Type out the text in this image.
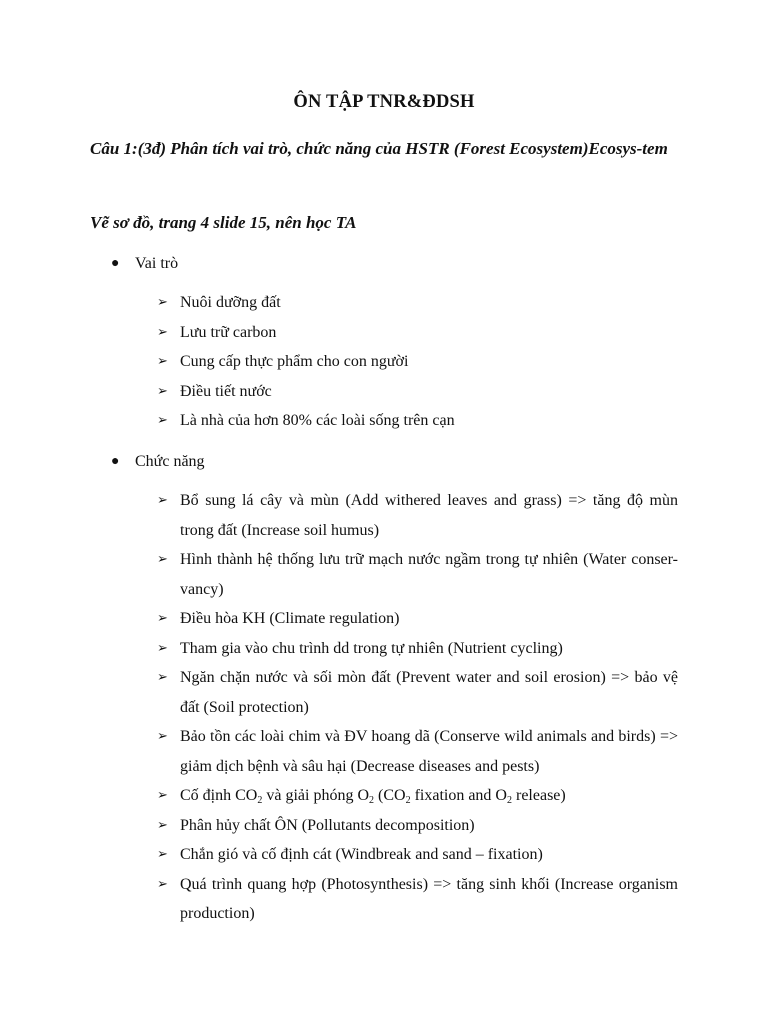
ÔN TẬP TNR&ĐDSH
Câu 1:(3đ) Phân tích vai trò, chức năng của HSTR (Forest Ecosystem)Ecosys-tem
Vẽ sơ đồ, trang 4 slide 15, nên học TA
● Vai trò
➢ Nuôi dưỡng đất
➢ Lưu trữ carbon
➢ Cung cấp thực phẩm cho con người
➢ Điều tiết nước
➢ Là nhà của hơn 80% các loài sống trên cạn
● Chức năng
➢ Bổ sung lá cây và mùn (Add withered leaves and grass) => tăng độ mùn trong đất (Increase soil humus)
➢ Hình thành hệ thống lưu trữ mạch nước ngầm trong tự nhiên (Water conser-vancy)
➢ Điều hòa KH (Climate regulation)
➢ Tham gia vào chu trình dd trong tự nhiên (Nutrient cycling)
➢ Ngăn chặn nước và sối mòn đất (Prevent water and soil erosion) => bảo vệ đất (Soil protection)
➢ Bảo tồn các loài chim và ĐV hoang dã (Conserve wild animals and birds) => giảm dịch bệnh và sâu hại (Decrease diseases and pests)
➢ Cố định $CO_2$ và giải phóng $O_2$ ($CO_2$ fixation and $O_2$ release)
➢ Phân hủy chất ÔN (Pollutants decomposition)
➢ Chắn gió và cố định cát (Windbreak and sand – fixation)
➢ Quá trình quang hợp (Photosynthesis) => tăng sinh khối (Increase organism production)
